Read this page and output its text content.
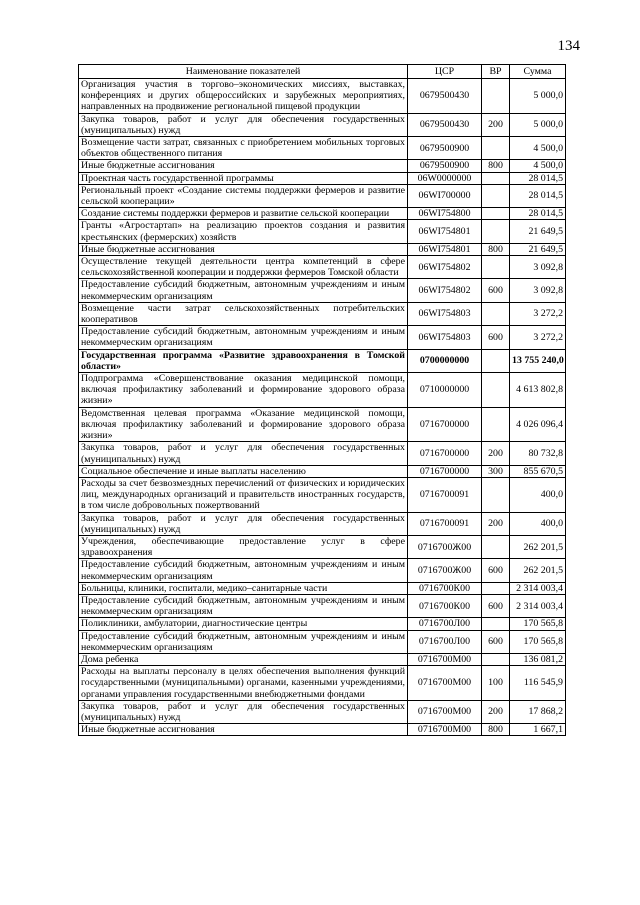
134
Наименование показателей	ЦСР	ВР	Сумма
Организация участия в торгово–экономических миссиях, выставках, конференциях и других общероссийских и зарубежных мероприятиях, направленных на продвижение региональной пищевой продукции	0679500430		5 000,0
Закупка товаров, работ и услуг для обеспечения государственных (муниципальных) нужд	0679500430	200	5 000,0
Возмещение части затрат, связанных с приобретением мобильных торговых объектов общественного питания	0679500900		4 500,0
Иные бюджетные ассигнования	0679500900	800	4 500,0
Проектная часть государственной программы	06W0000000		28 014,5
Региональный проект «Создание системы поддержки фермеров и развитие сельской кооперации»	06WI700000		28 014,5
Создание системы поддержки фермеров и развитие сельской кооперации	06WI754800		28 014,5
Гранты «Агростартап» на реализацию проектов создания и развития крестьянских (фермерских) хозяйств	06WI754801		21 649,5
Иные бюджетные ассигнования	06WI754801	800	21 649,5
Осуществление текущей деятельности центра компетенций в сфере сельскохозяйственной кооперации и поддержки фермеров Томской области	06WI754802		3 092,8
Предоставление субсидий бюджетным, автономным учреждениям и иным некоммерческим организациям	06WI754802	600	3 092,8
Возмещение части затрат сельскохозяйственных потребительских кооперативов	06WI754803		3 272,2
Предоставление субсидий бюджетным, автономным учреждениям и иным некоммерческим организациям	06WI754803	600	3 272,2
Государственная программа «Развитие здравоохранения в Томской области»	0700000000		13 755 240,0
Подпрограмма «Совершенствование оказания медицинской помощи, включая профилактику заболеваний и формирование здорового образа жизни»	0710000000		4 613 802,8
Ведомственная целевая программа «Оказание медицинской помощи, включая профилактику заболеваний и формирование здорового образа жизни»	0716700000		4 026 096,4
Закупка товаров, работ и услуг для обеспечения государственных (муниципальных) нужд	0716700000	200	80 732,8
Социальное обеспечение и иные выплаты населению	0716700000	300	855 670,5
Расходы за счет безвозмездных перечислений от физических и юридических лиц, международных организаций и правительств иностранных государств, в том числе добровольных пожертвований	0716700091		400,0
Закупка товаров, работ и услуг для обеспечения государственных (муниципальных) нужд	0716700091	200	400,0
Учреждения, обеспечивающие предоставление услуг в сфере здравоохранения	0716700Ж00		262 201,5
Предоставление субсидий бюджетным, автономным учреждениям и иным некоммерческим организациям	0716700Ж00	600	262 201,5
Больницы, клиники, госпитали, медико–санитарные части	0716700К00		2 314 003,4
Предоставление субсидий бюджетным, автономным учреждениям и иным некоммерческим организациям	0716700К00	600	2 314 003,4
Поликлиники, амбулатории, диагностические центры	0716700Л00		170 565,8
Предоставление субсидий бюджетным, автономным учреждениям и иным некоммерческим организациям	0716700Л00	600	170 565,8
Дома ребенка	0716700М00		136 081,2
Расходы на выплаты персоналу в целях обеспечения выполнения функций государственными (муниципальными) органами, казенными учреждениями, органами управления государственными внебюджетными фондами	0716700М00	100	116 545,9
Закупка товаров, работ и услуг для обеспечения государственных (муниципальных) нужд	0716700М00	200	17 868,2
Иные бюджетные ассигнования	0716700М00	800	1 667,1
